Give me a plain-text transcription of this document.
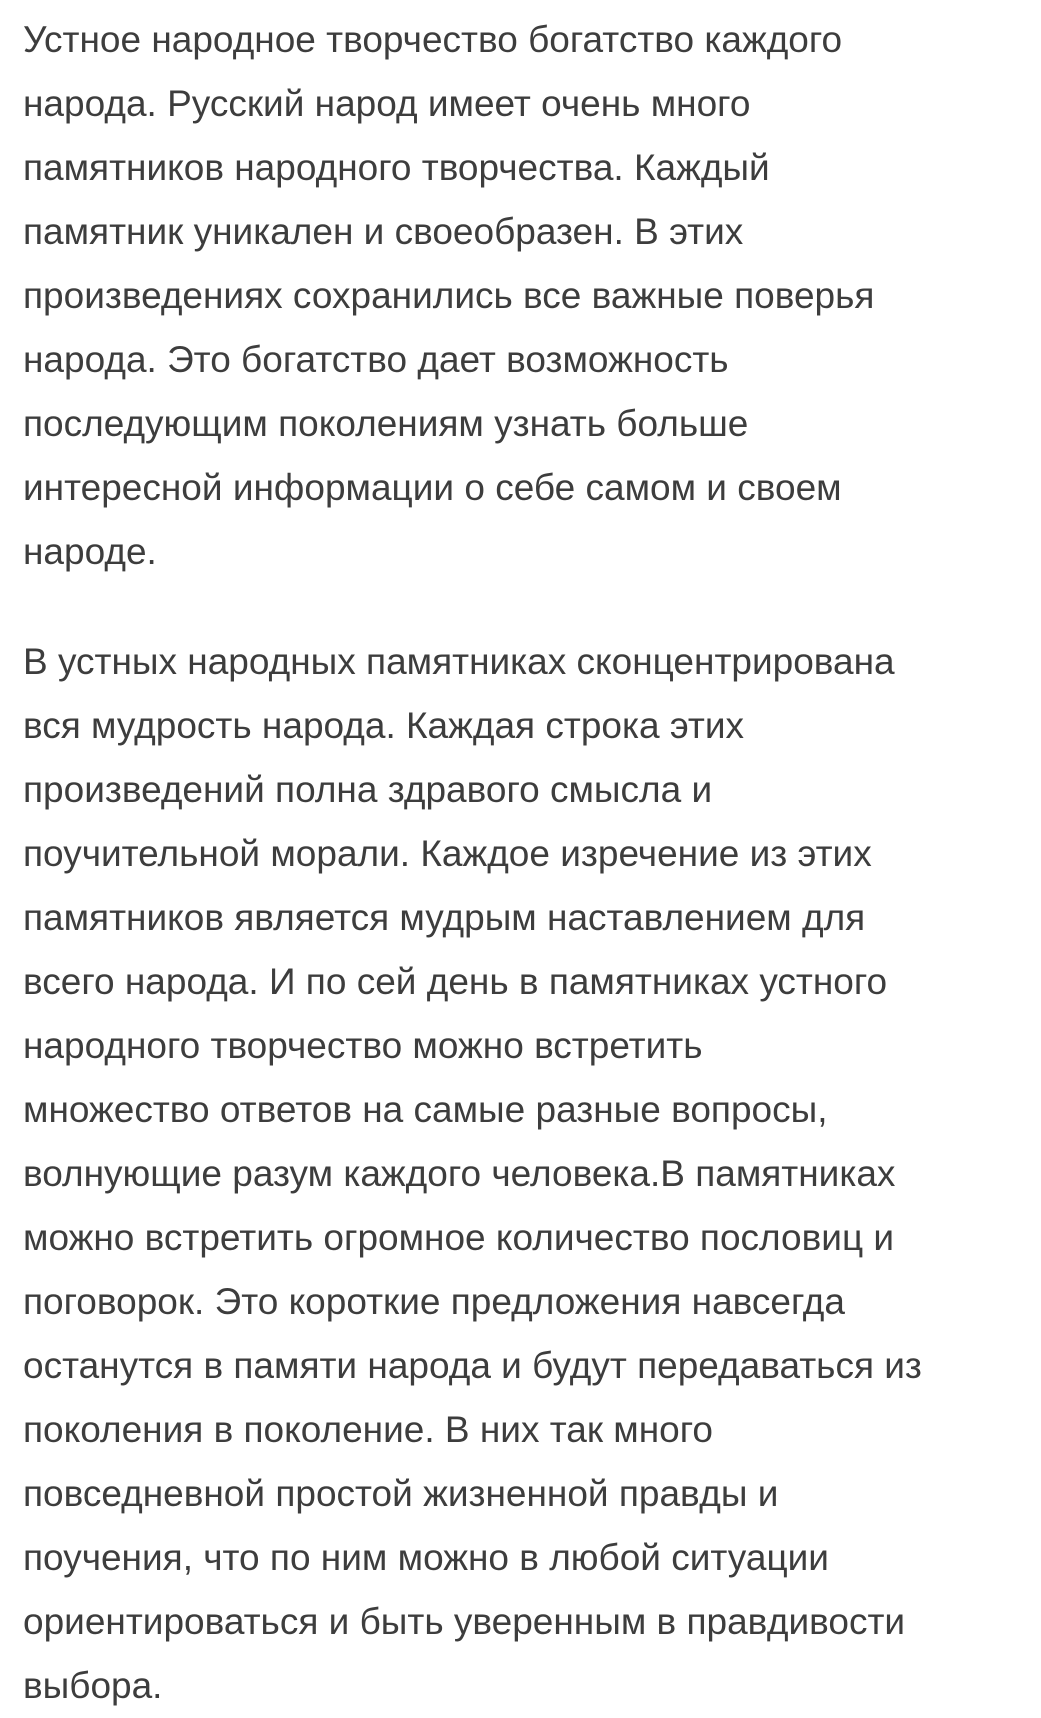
Устное народное творчество богатство каждого
народа. Русский народ имеет очень много
памятников народного творчества. Каждый
памятник уникален и своеобразен. В этих
произведениях сохранились все важные поверья
народа. Это богатство дает возможность
последующим поколениям узнать больше
интересной информации о себе самом и своем
народе.
В устных народных памятниках сконцентрирована
вся мудрость народа. Каждая строка этих
произведений полна здравого смысла и
поучительной морали. Каждое изречение из этих
памятников является мудрым наставлением для
всего народа. И по сей день в памятниках устного
народного творчество можно встретить
множество ответов на самые разные вопросы,
волнующие разум каждого человека.В памятниках
можно встретить огромное количество пословиц и
поговорок. Это короткие предложения навсегда
останутся в памяти народа и будут передаваться из
поколения в поколение. В них так много
повседневной простой жизненной правды и
поучения, что по ним можно в любой ситуации
ориентироваться и быть уверенным в правдивости
выбора.
